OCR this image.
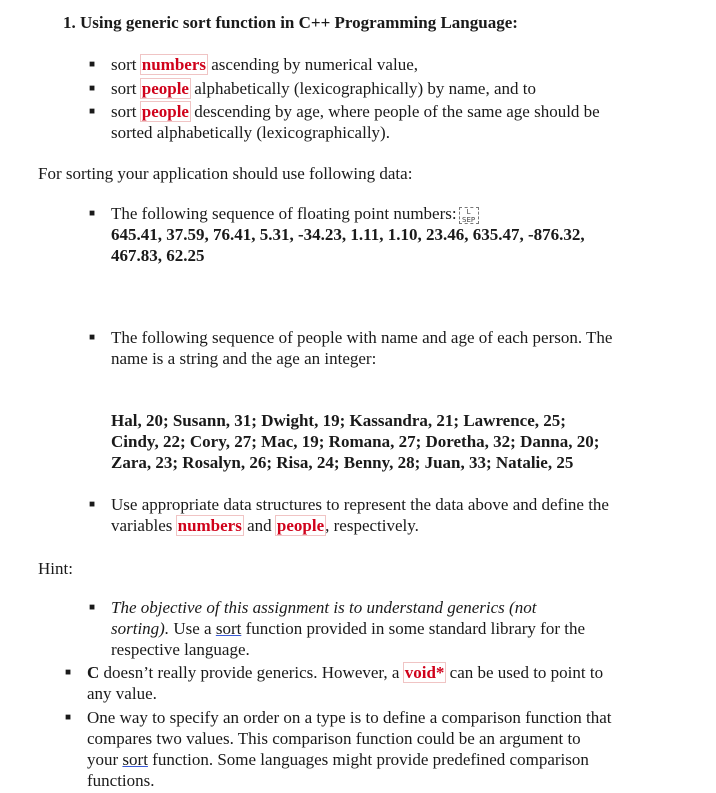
1. Using generic sort function in C++ Programming Language:
■ sort numbers ascending by numerical value,
■ sort people alphabetically (lexicographically) by name, and to
■ sort people descending by age, where people of the same age should be
sorted alphabetically (lexicographically).
For sorting your application should use following data:
■ The following sequence of floating point numbers:	L
SEP
645.41, 37.59, 76.41, 5.31, -34.23, 1.11, 1.10, 23.46, 635.47, -876.32,
467.83, 62.25
■ The following sequence of people with name and age of each person. The
name is a string and the age an integer:
Hal, 20; Susann, 31; Dwight, 19; Kassandra, 21; Lawrence, 25;
Cindy, 22; Cory, 27; Mac, 19; Romana, 27; Doretha, 32; Danna, 20;
Zara, 23; Rosalyn, 26; Risa, 24; Benny, 28; Juan, 33; Natalie, 25
■ Use appropriate data structures to represent the data above and define the
variables numbers and people, respectively.
Hint:
■ The objective of this assignment is to understand generics (not
sorting). Use a sort function provided in some standard library for the
respective language.
■ C doesn’t really provide generics. However, a void* can be used to point to
any value.
■ One way to specify an order on a type is to define a comparison function that
compares two values. This comparison function could be an argument to
your sort function. Some languages might provide predefined comparison
functions.
